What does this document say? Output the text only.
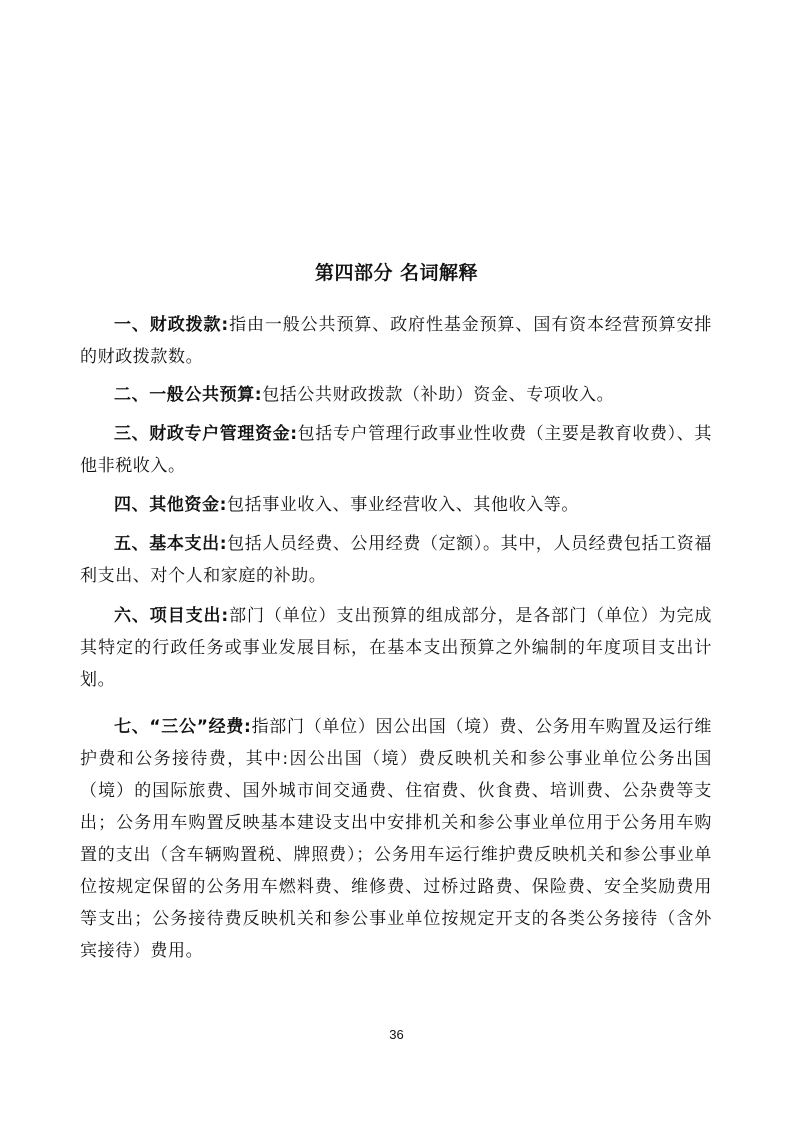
第四部分 名词解释

一、财政拨款:指由一般公共预算、政府性基金预算、国有资本经营预算安排的财政拨款数。

二、一般公共预算:包括公共财政拨款（补助）资金、专项收入。

三、财政专户管理资金:包括专户管理行政事业性收费（主要是教育收费）、其他非税收入。

四、其他资金:包括事业收入、事业经营收入、其他收入等。

五、基本支出:包括人员经费、公用经费（定额）。其中，人员经费包括工资福利支出、对个人和家庭的补助。

六、项目支出:部门（单位）支出预算的组成部分，是各部门（单位）为完成其特定的行政任务或事业发展目标，在基本支出预算之外编制的年度项目支出计划。

七、“三公”经费:指部门（单位）因公出国（境）费、公务用车购置及运行维护费和公务接待费，其中:因公出国（境）费反映机关和参公事业单位公务出国（境）的国际旅费、国外城市间交通费、住宿费、伙食费、培训费、公杂费等支出；公务用车购置反映基本建设支出中安排机关和参公事业单位用于公务用车购置的支出（含车辆购置税、牌照费）；公务用车运行维护费反映机关和参公事业单位按规定保留的公务用车燃料费、维修费、过桥过路费、保险费、安全奖励费用等支出；公务接待费反映机关和参公事业单位按规定开支的各类公务接待（含外宾接待）费用。

36
